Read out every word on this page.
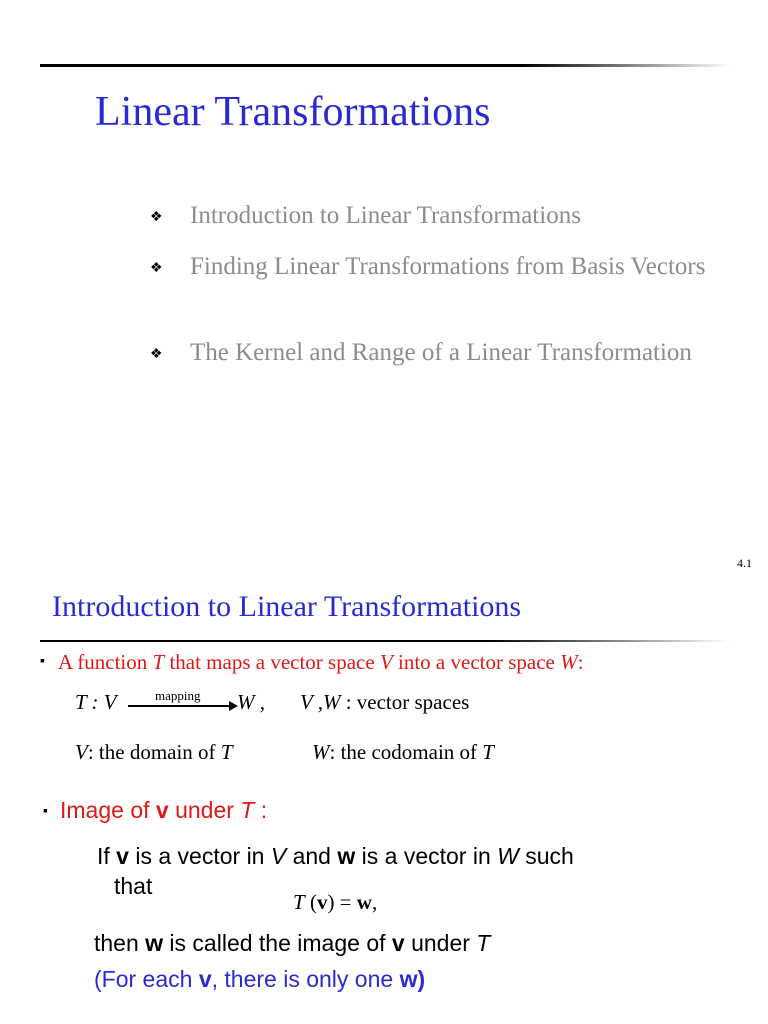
Linear Transformations
❖ Introduction to Linear Transformations
❖ Finding Linear Transformations from Basis Vectors
❖ The Kernel and Range of a Linear Transformation
4.1
Introduction to Linear Transformations
▪ A function T that maps a vector space V into a vector space W:
T : V	mapping W , V ,W : vector spaces
V: the domain of T	W: the codomain of T
▪ Image of v under T :
If v is a vector in V and w is a vector in W such
that
T (v) = w,
then w is called the image of v under T
(For each v, there is only one w)
